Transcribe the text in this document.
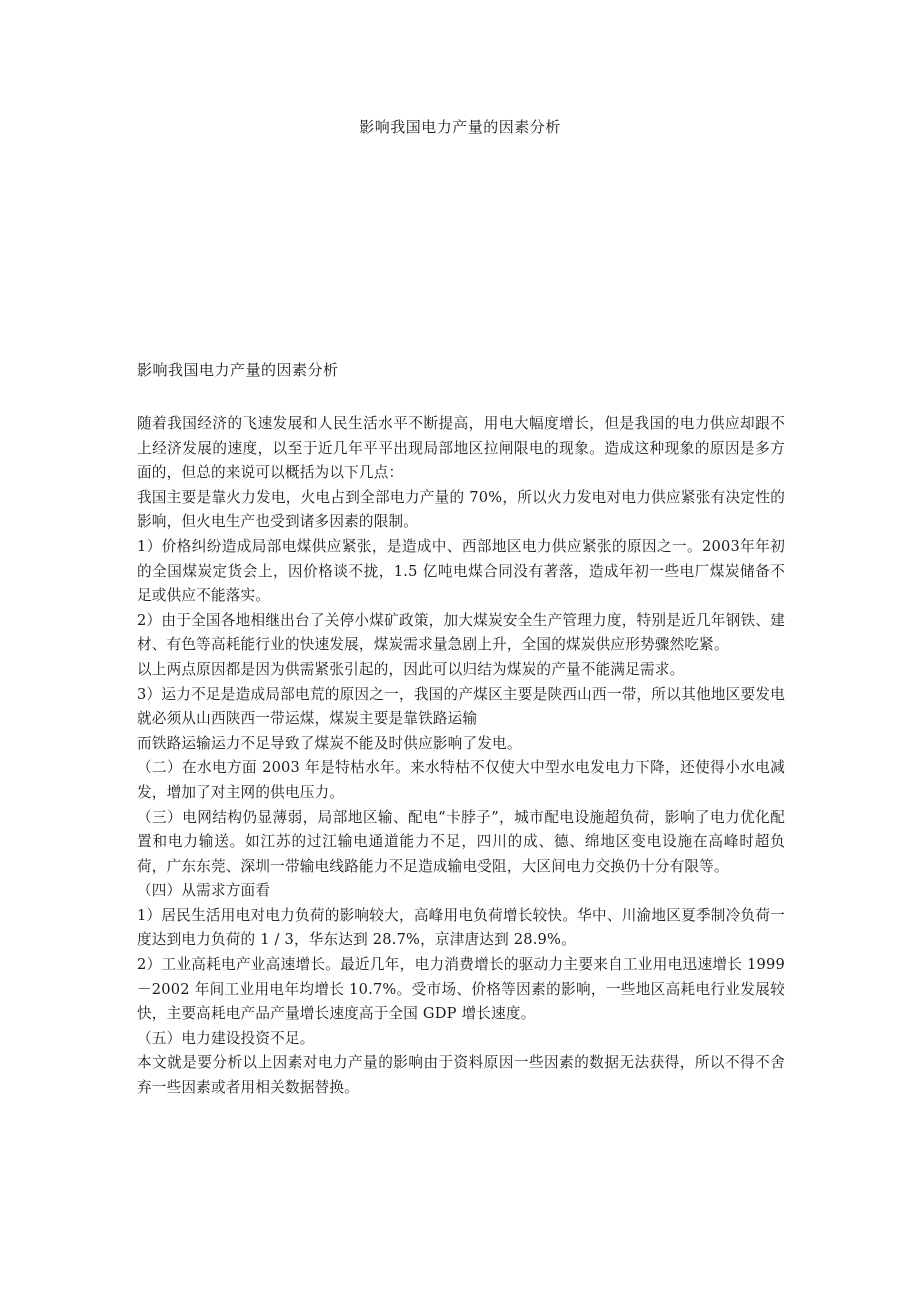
影响我国电力产量的因素分析
影响我国电力产量的因素分析

随着我国经济的飞速发展和人民生活水平不断提高，用电大幅度增长，但是我国的电力供应却跟不上经济发展的速度，以至于近几年平平出现局部地区拉闸限电的现象。造成这种现象的原因是多方面的，但总的来说可以概括为以下几点：

我国主要是靠火力发电，火电占到全部电力产量的 70%，所以火力发电对电力供应紧张有决定性的影响，但火电生产也受到诸多因素的限制。

1）价格纠纷造成局部电煤供应紧张，是造成中、西部地区电力供应紧张的原因之一。2003年年初的全国煤炭定货会上，因价格谈不拢，1.5 亿吨电煤合同没有著落，造成年初一些电厂煤炭储备不足或供应不能落实。

2）由于全国各地相继出台了关停小煤矿政策，加大煤炭安全生产管理力度，特别是近几年钢铁、建材、有色等高耗能行业的快速发展，煤炭需求量急剧上升，全国的煤炭供应形势骤然吃紧。

以上两点原因都是因为供需紧张引起的，因此可以归结为煤炭的产量不能满足需求。

3）运力不足是造成局部电荒的原因之一，我国的产煤区主要是陕西山西一带，所以其他地区要发电就必须从山西陕西一带运煤，煤炭主要是靠铁路运输

而铁路运输运力不足导致了煤炭不能及时供应影响了发电。

（二）在水电方面 2003 年是特枯水年。来水特枯不仅使大中型水电发电力下降，还使得小水电减发，增加了对主网的供电压力。

（三）电网结构仍显薄弱，局部地区输、配电“卡脖子”，城市配电设施超负荷，影响了电力优化配置和电力输送。如江苏的过江输电通道能力不足，四川的成、德、绵地区变电设施在高峰时超负荷，广东东莞、深圳一带输电线路能力不足造成输电受阻，大区间电力交换仍十分有限等。

（四）从需求方面看

1）居民生活用电对电力负荷的影响较大，高峰用电负荷增长较快。华中、川渝地区夏季制冷负荷一度达到电力负荷的 1 / 3，华东达到 28.7%，京津唐达到 28.9%。

2）工业高耗电产业高速增长。最近几年，电力消费增长的驱动力主要来自工业用电迅速增长 1999－2002 年间工业用电年均增长 10.7%。受市场、价格等因素的影响，一些地区高耗电行业发展较快，主要高耗电产品产量增长速度高于全国 GDP 增长速度。

（五）电力建设投资不足。

本文就是要分析以上因素对电力产量的影响由于资料原因一些因素的数据无法获得，所以不得不舍弃一些因素或者用相关数据替换。
